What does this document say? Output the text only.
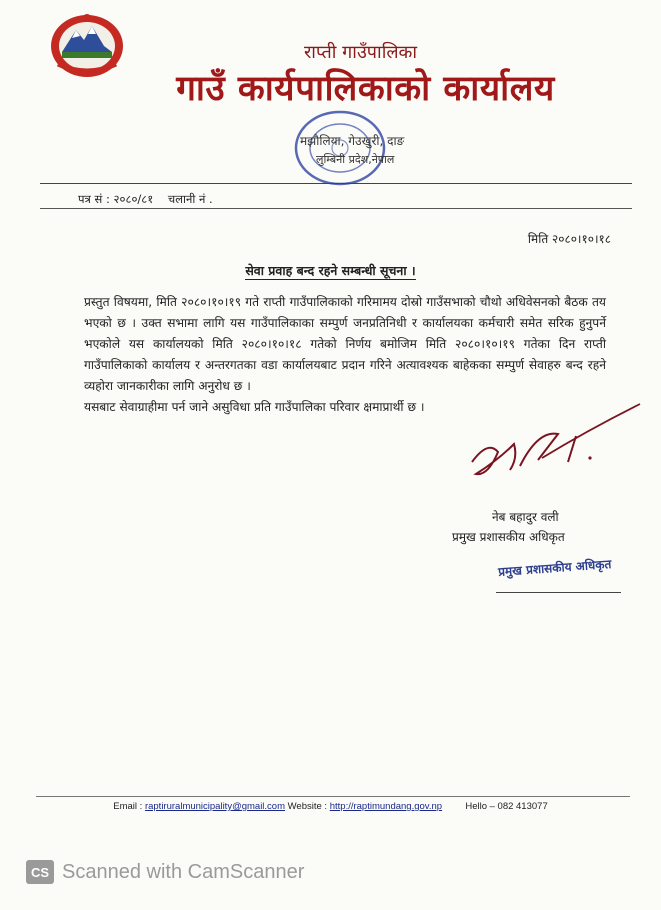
राप्ती गाउँपालिका
गाउँ कार्यपालिकाको कार्यालय
मझौलिया, गेउखुरी, दाङ
लुम्बिनी प्रदेश,नेपाल
पत्र सं : २०८०/८१ चलानी नं .
मिति २०८०।१०।१८
सेवा प्रवाह बन्द रहने सम्बन्धी सूचना ।

प्रस्तुत विषयमा, मिति २०८०।१०।१९ गते राप्ती गाउँपालिकाको गरिमामय दोस्रो गाउँसभाको चौथो अधिवेसनको बैठक तय भएको छ । उक्त सभामा लागि यस गाउँपालिकाका सम्पुर्ण जनप्रतिनिधी र कार्यालयका कर्मचारी समेत सरिक हुनुपर्ने भएकोले यस कार्यालयको मिति २०८०।१०।१८ गतेको निर्णय बमोजिम मिति २०८०।१०।१९ गतेका दिन राप्ती गाउँपालिकाको कार्यालय र अन्तरगतका वडा कार्यालयबाट प्रदान गरिने अत्यावश्यक बाहेकका सम्पुर्ण सेवाहरु बन्द रहने व्यहोरा जानकारीका लागि अनुरोध छ ।

यसबाट सेवाग्राहीमा पर्न जाने असुविधा प्रति गाउँपालिका परिवार क्षमाप्रार्थी छ ।

नेब बहादुर वली
प्रमुख प्रशासकीय अधिकृत
प्रमुख प्रशासकीय अधिकृत
Email : raptiruralmunicipality@gmail.com Website : http://raptimundang.gov.np Hello – 082 413077
CS Scanned with CamScanner
